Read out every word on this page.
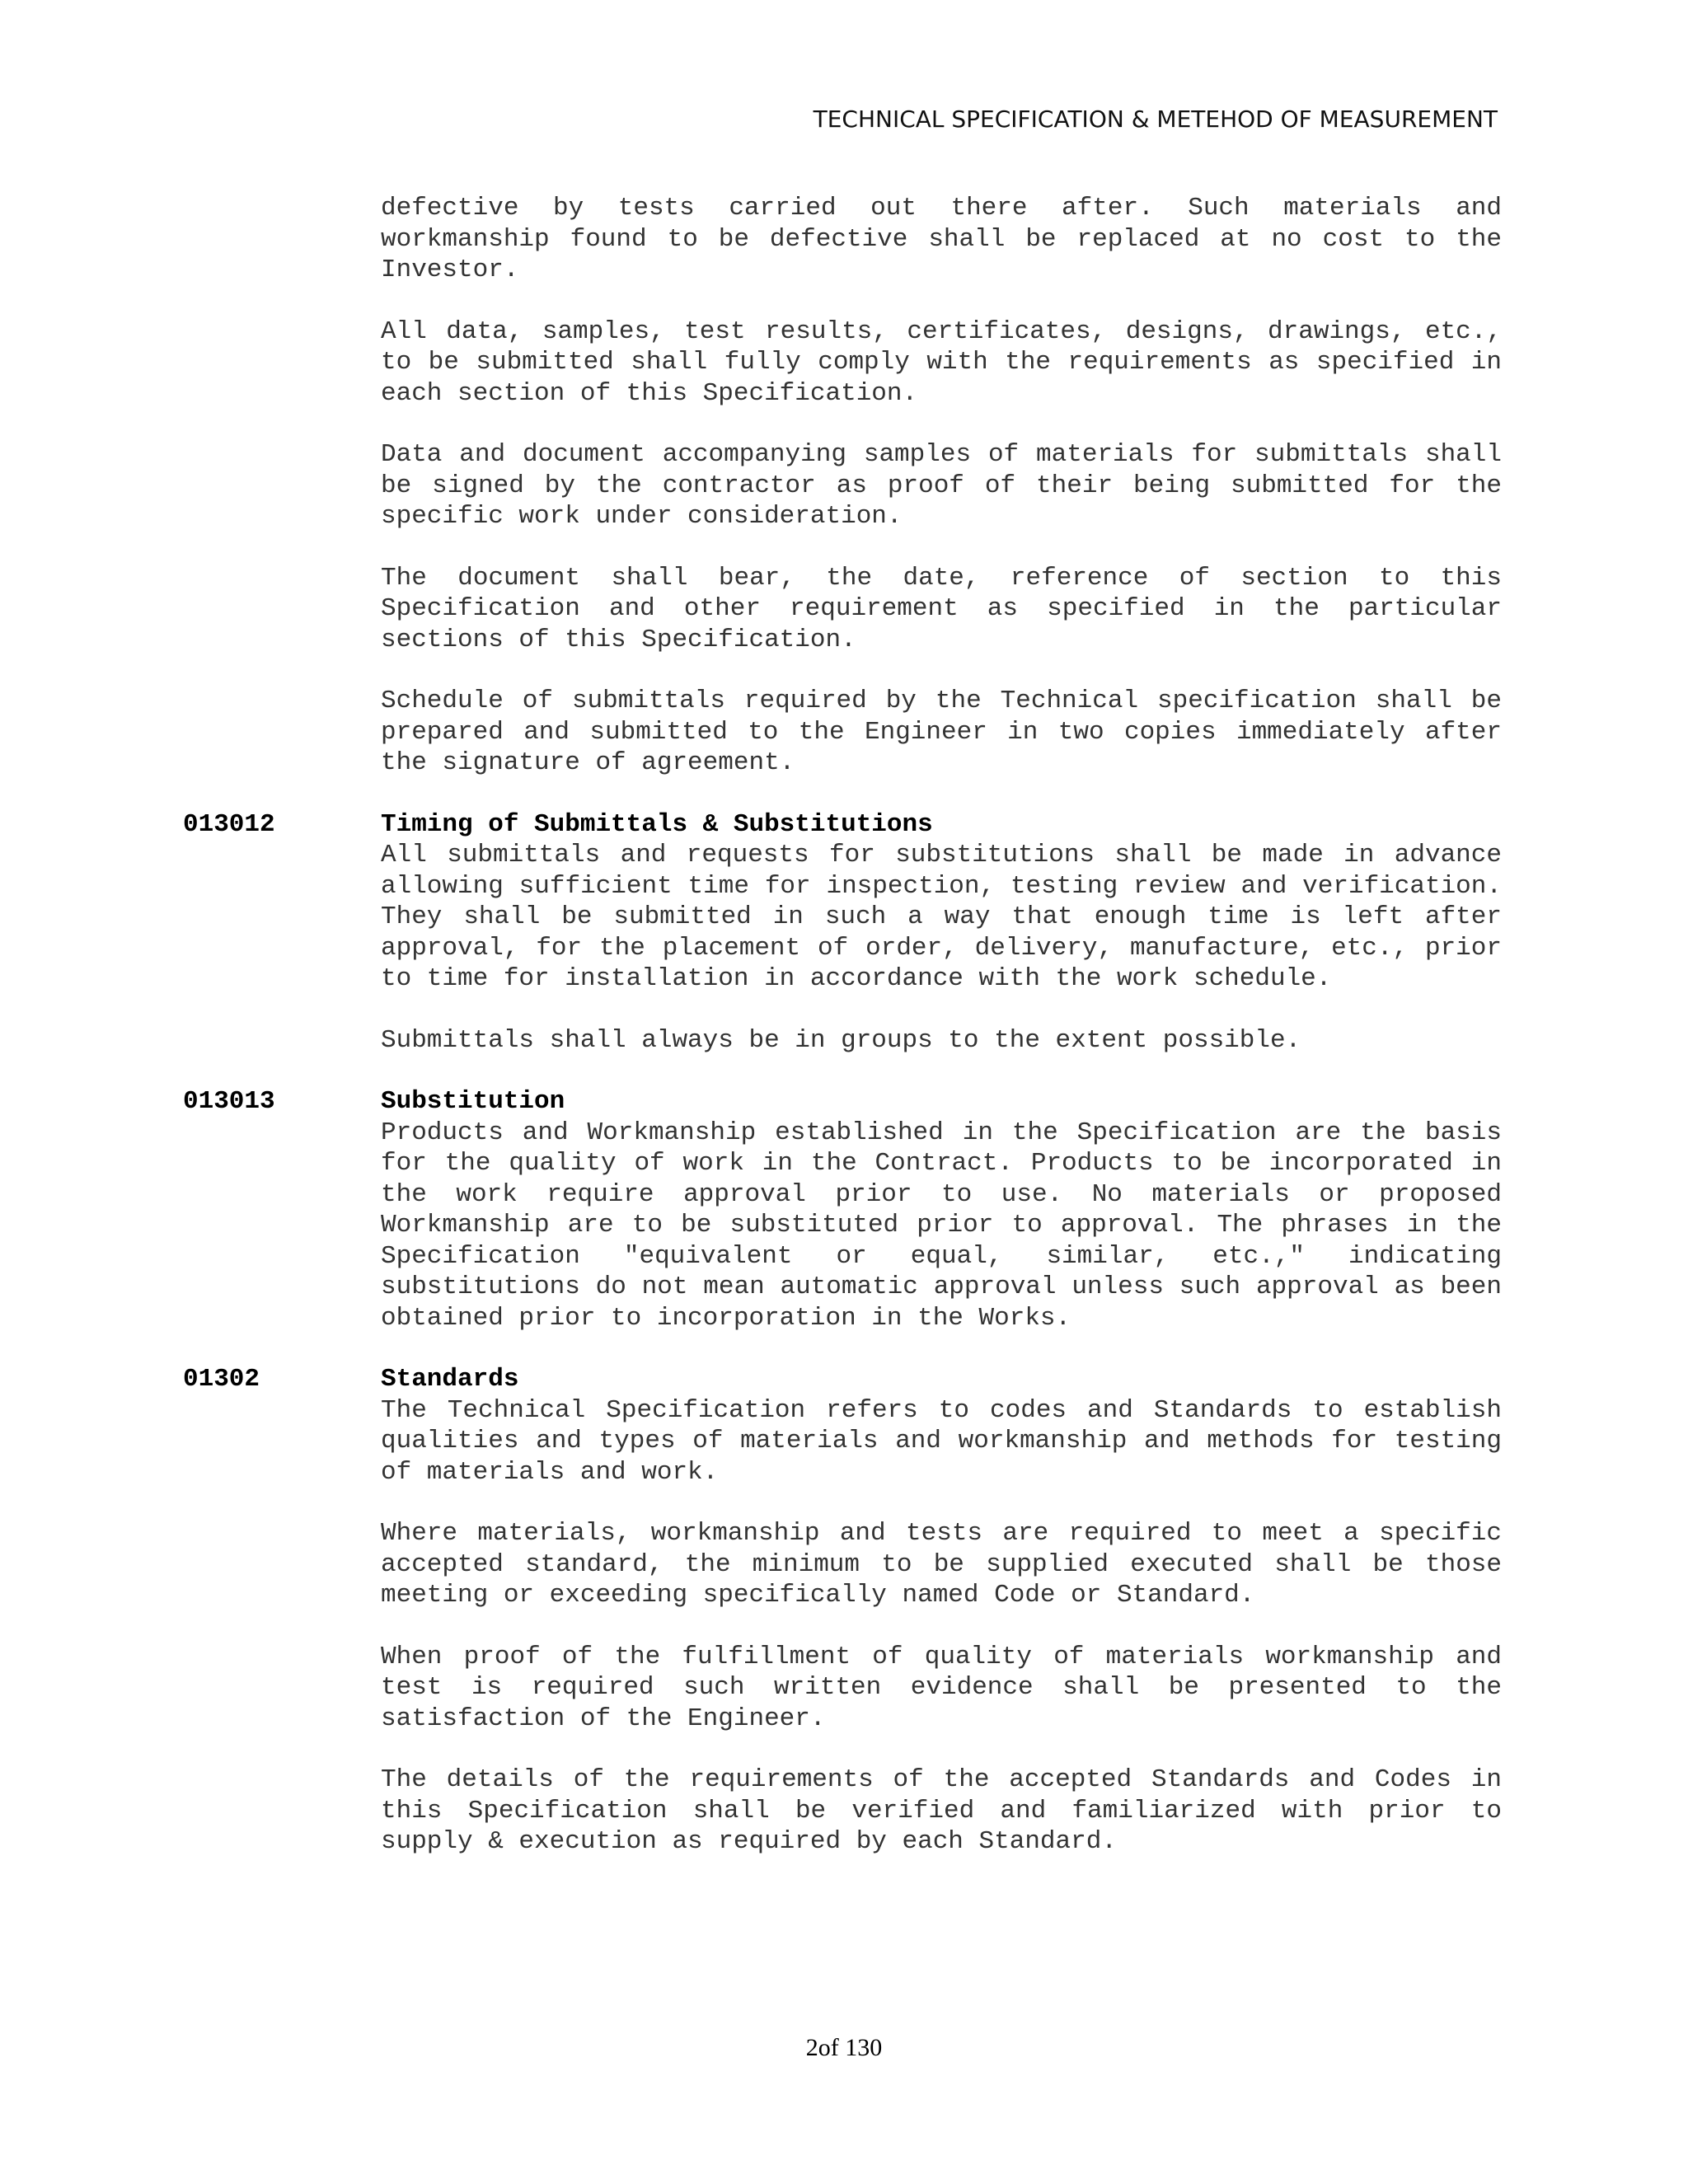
TECHNICAL SPECIFICATION & METEHOD OF MEASUREMENT

defective by tests carried out there after. Such materials and workmanship found to be defective shall be replaced at no cost to the Investor.

All data, samples, test results, certificates, designs, drawings, etc., to be submitted shall fully comply with the requirements as specified in each section of this Specification.

Data and document accompanying samples of materials for submittals shall be signed by the contractor as proof of their being submitted for the specific work under consideration.

The document shall bear, the date, reference of section to this Specification and other requirement as specified in the particular sections of this Specification.

Schedule of submittals required by the Technical specification shall be prepared and submitted to the Engineer in two copies immediately after the signature of agreement.

013012	Timing of Submittals & Substitutions

All submittals and requests for substitutions shall be made in advance allowing sufficient time for inspection, testing review and verification. They shall be submitted in such a way that enough time is left after approval, for the placement of order, delivery, manufacture, etc., prior to time for installation in accordance with the work schedule.

Submittals shall always be in groups to the extent possible.

013013	Substitution

Products and Workmanship established in the Specification are the basis for the quality of work in the Contract. Products to be incorporated in the work require approval prior to use. No materials or proposed Workmanship are to be substituted prior to approval. The phrases in the Specification "equivalent or equal, similar, etc.," indicating substitutions do not mean automatic approval unless such approval as been obtained prior to incorporation in the Works.

01302	Standards

The Technical Specification refers to codes and Standards to establish qualities and types of materials and workmanship and methods for testing of materials and work.

Where materials, workmanship and tests are required to meet a specific accepted standard, the minimum to be supplied executed shall be those meeting or exceeding specifically named Code or Standard.

When proof of the fulfillment of quality of materials workmanship and test is required such written evidence shall be presented to the satisfaction of the Engineer.

The details of the requirements of the accepted Standards and Codes in this Specification shall be verified and familiarized with prior to supply & execution as required by each Standard.

2of 130
